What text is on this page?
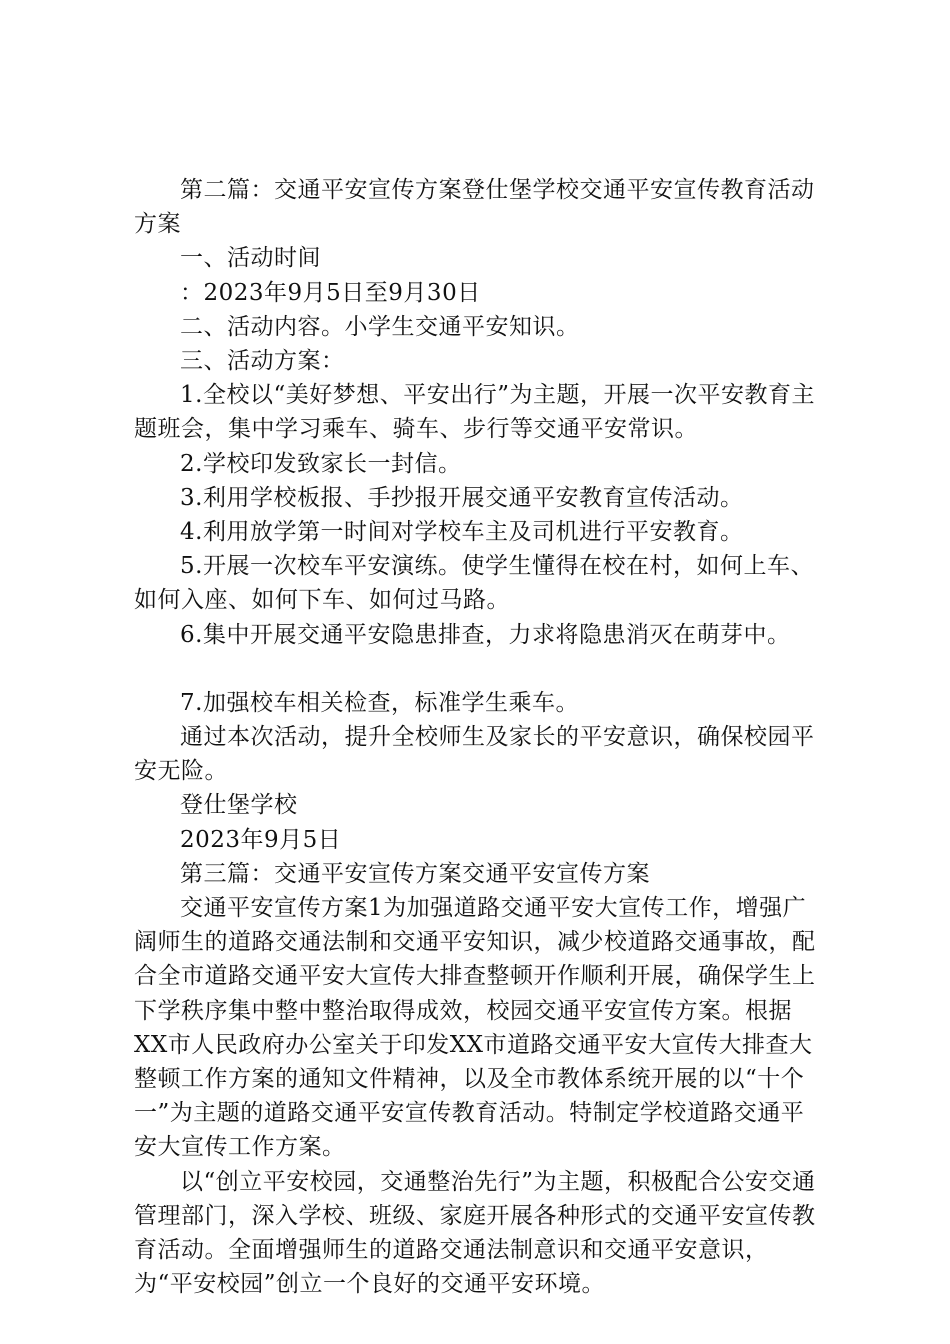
第二篇：交通平安宣传方案登仕堡学校交通平安宣传教育活动方案

一、活动时间

：2023年9月5日至9月30日

二、活动内容。小学生交通平安知识。

三、活动方案：

1.全校以“美好梦想、平安出行”为主题，开展一次平安教育主题班会，集中学习乘车、骑车、步行等交通平安常识。

2.学校印发致家长一封信。

3.利用学校板报、手抄报开展交通平安教育宣传活动。

4.利用放学第一时间对学校车主及司机进行平安教育。

5.开展一次校车平安演练。使学生懂得在校在村，如何上车、如何入座、如何下车、如何过马路。

6.集中开展交通平安隐患排查，力求将隐患消灭在萌芽中。

7.加强校车相关检查，标准学生乘车。

通过本次活动，提升全校师生及家长的平安意识，确保校园平安无险。

登仕堡学校

2023年9月5日

第三篇：交通平安宣传方案交通平安宣传方案

交通平安宣传方案1为加强道路交通平安大宣传工作，增强广阔师生的道路交通法制和交通平安知识，减少校道路交通事故，配合全市道路交通平安大宣传大排查整顿开作顺利开展，确保学生上下学秩序集中整中整治取得成效，校园交通平安宣传方案。根据XX市人民政府办公室关于印发XX市道路交通平安大宣传大排查大整顿工作方案的通知文件精神，以及全市教体系统开展的以“十个一”为主题的道路交通平安宣传教育活动。特制定学校道路交通平安大宣传工作方案。

以“创立平安校园，交通整治先行”为主题，积极配合公安交通管理部门，深入学校、班级、家庭开展各种形式的交通平安宣传教育活动。全面增强师生的道路交通法制意识和交通平安意识，为“平安校园”创立一个良好的交通平安环境。
